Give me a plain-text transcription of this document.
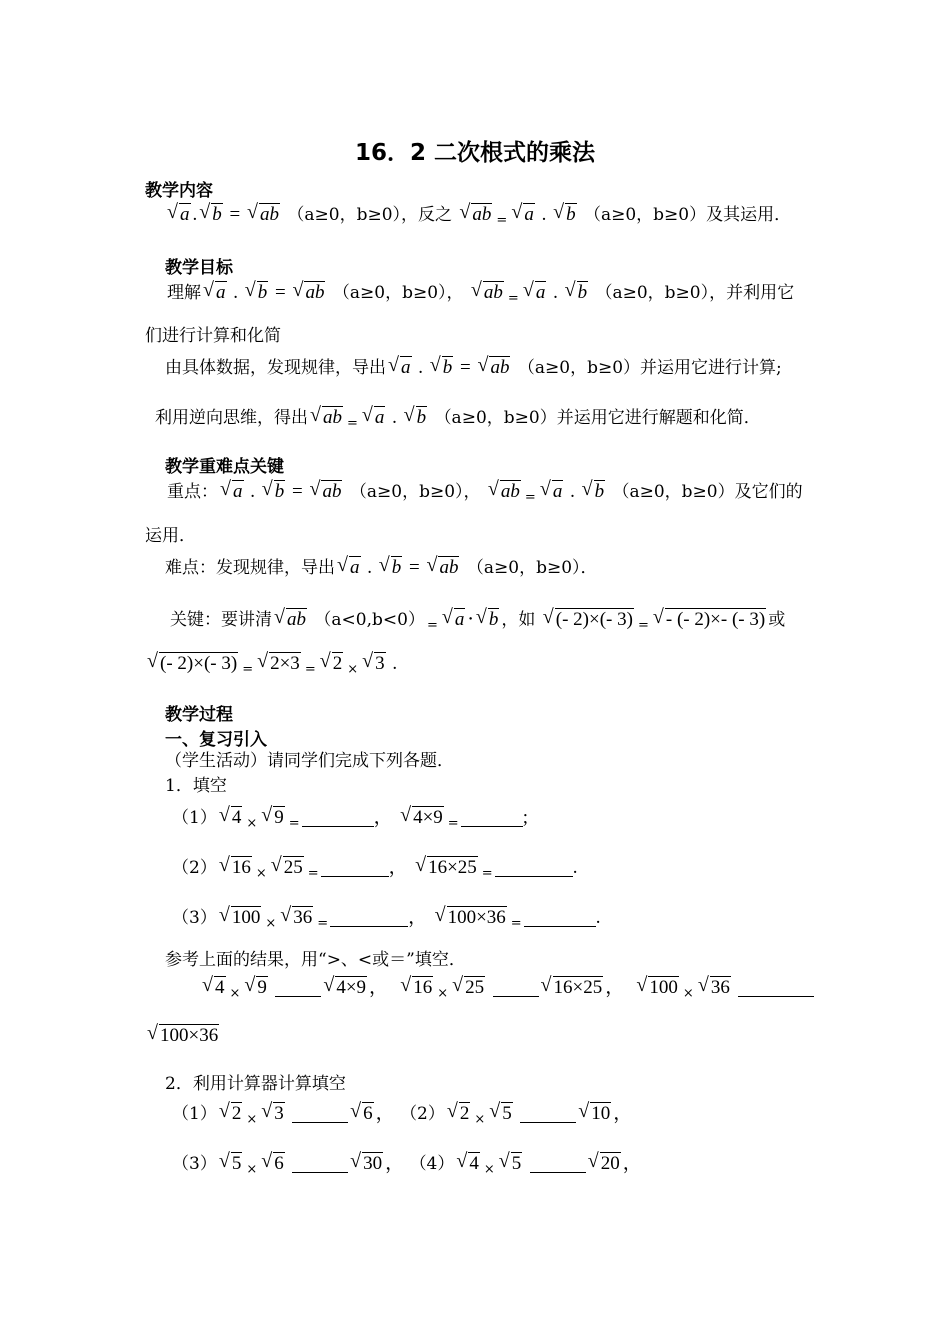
16．2 二次根式的乘法
教学内容
√ a . √ b = √ ab （a≥0，b≥0），反之 √ ab $_=$ √ a . √ b （a≥0，b≥0）及其运用．
教学目标
理解 √ a . √ b = √ ab （a≥0，b≥0）， √ ab $_=$ √ a . √ b （a≥0，b≥0），并利用它
们进行计算和化简
由具体数据，发现规律，导出 √ a . √ b = √ ab （a≥0，b≥0）并运用它进行计算;
利用逆向思维，得出 √ ab $_=$ √ a . √ b （a≥0，b≥0）并运用它进行解题和化简．
教学重难点关键
重点： √ a . √ b = √ ab （a≥0，b≥0）， √ ab $_=$ √ a . √ b （a≥0，b≥0）及它们的
运用．
难点：发现规律，导出 √ a . √ b = √ ab （a≥0，b≥0）．
关键：要讲清 √ ab （a<0,b<0） $_=$ √ a ⋅ √ b ，如 √ (- 2)×(- 3) $_=$ √ - (- 2)×- (- 3) 或
√ (- 2)×(- 3) $_=$ √ 2×3 $_=$ √ 2 $_\times$ √ 3 .
教学过程
一、复习引入
（学生活动）请同学们完成下列各题．
1．填空
（1） √ 4 $_\times$ √ 9 $_=$	， √ 4×9 $_=$	;
（2） √ 16 $_\times$ √ 25 $_=$	， √ 16×25 $_=$	.
（3） √ 100 $_\times$ √ 36 $_=$	， √ 100×36 $_=$	.
参考上面的结果，用“>、<或＝”填空．
√ 4 $_\times$ √ 9	√ 4×9 ，  √ 16 $_\times$ √ 25	√ 16×25 ，  √ 100 $_\times$ √ 36
√ 100×36
2．利用计算器计算填空
（1） √ 2 $_\times$ √ 3	√ 6 ， （2） √ 2 $_\times$ √ 5	√ 10 ，
（3） √ 5 $_\times$ √ 6	√ 30 ， （4） √ 4 $_\times$ √ 5	√ 20 ，
